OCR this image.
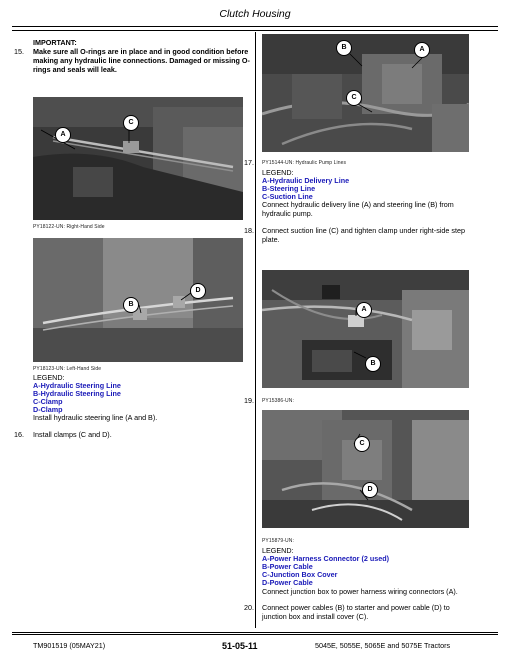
Clutch Housing
15.
IMPORTANT:
Make sure all O-rings are in place and in good condition before making any hydraulic line connections. Damaged or missing O-rings and seals will leak.
A
C
PY18122-UN: Right-Hand Side
D
B
PY18123-UN: Left-Hand Side
LEGEND:
A-Hydraulic Steering Line
B-Hydraulic Steering Line
C-Clamp
D-Clamp
Install hydraulic steering line (A and B).
16. Install clamps (C and D).
B	A
C
17. PY15144-UN: Hydraulic Pump Lines
LEGEND:
A-Hydraulic Delivery Line
B-Steering Line
C-Suction Line
Connect hydraulic delivery line (A) and steering line (B) from hydraulic pump.
18. Connect suction line (C) and tighten clamp under right-side step plate.
A
B
19. PY15386-UN:
C
D
PY15879-UN:
LEGEND:
A-Power Harness Connector (2 used)
B-Power Cable
C-Junction Box Cover
D-Power Cable
Connect junction box to power harness wiring connectors (A).
20. Connect power cables (B) to starter and power cable (D) to junction box and install cover (C).
TM901519 (05MAY21)	51-05-11	5045E, 5055E, 5065E and 5075E Tractors
